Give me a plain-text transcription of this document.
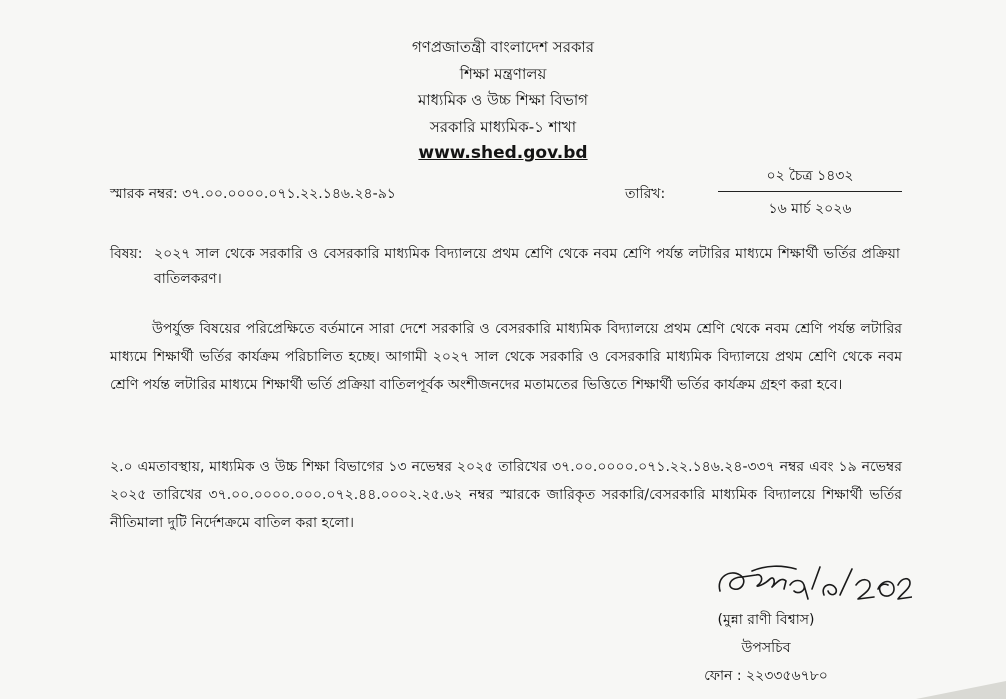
গণপ্রজাতন্ত্রী বাংলাদেশ সরকার
শিক্ষা মন্ত্রণালয়
মাধ্যমিক ও উচ্চ শিক্ষা বিভাগ
সরকারি মাধ্যমিক-১ শাখা
www.shed.gov.bd
স্মারক নম্বর: ৩৭.০০.০০০০.০৭১.২২.১৪৬.২৪-৯১	তারিখ:
০২ চৈত্র ১৪৩২
১৬ মার্চ ২০২৬
বিষয়: ২০২৭ সাল থেকে সরকারি ও বেসরকারি মাধ্যমিক বিদ্যালয়ে প্রথম শ্রেণি থেকে নবম শ্রেণি পর্যন্ত লটারির মাধ্যমে শিক্ষার্থী ভর্তির প্রক্রিয়া বাতিলকরণ।
উপর্যুক্ত বিষয়ের পরিপ্রেক্ষিতে বর্তমানে সারা দেশে সরকারি ও বেসরকারি মাধ্যমিক বিদ্যালয়ে প্রথম শ্রেণি থেকে নবম শ্রেণি পর্যন্ত লটারির মাধ্যমে শিক্ষার্থী ভর্তির কার্যক্রম পরিচালিত হচ্ছে। আগামী ২০২৭ সাল থেকে সরকারি ও বেসরকারি মাধ্যমিক বিদ্যালয়ে প্রথম শ্রেণি থেকে নবম শ্রেণি পর্যন্ত লটারির মাধ্যমে শিক্ষার্থী ভর্তি প্রক্রিয়া বাতিলপূর্বক অংশীজনদের মতামতের ভিত্তিতে শিক্ষার্থী ভর্তির কার্যক্রম গ্রহণ করা হবে।
২.০ এমতাবস্থায়, মাধ্যমিক ও উচ্চ শিক্ষা বিভাগের ১৩ নভেম্বর ২০২৫ তারিখের ৩৭.০০.০০০০.০৭১.২২.১৪৬.২৪-৩৩৭ নম্বর এবং ১৯ নভেম্বর ২০২৫ তারিখের ৩৭.০০.০০০০.০০০.০৭২.৪৪.০০০২.২৫.৬২ নম্বর স্মারকে জারিকৃত সরকারি/বেসরকারি মাধ্যমিক বিদ্যালয়ে শিক্ষার্থী ভর্তির নীতিমালা দুটি নির্দেশক্রমে বাতিল করা হলো।
(মুন্না রাণী বিশ্বাস)
উপসচিব
ফোন : ২২৩৩৫৬৭৮০
